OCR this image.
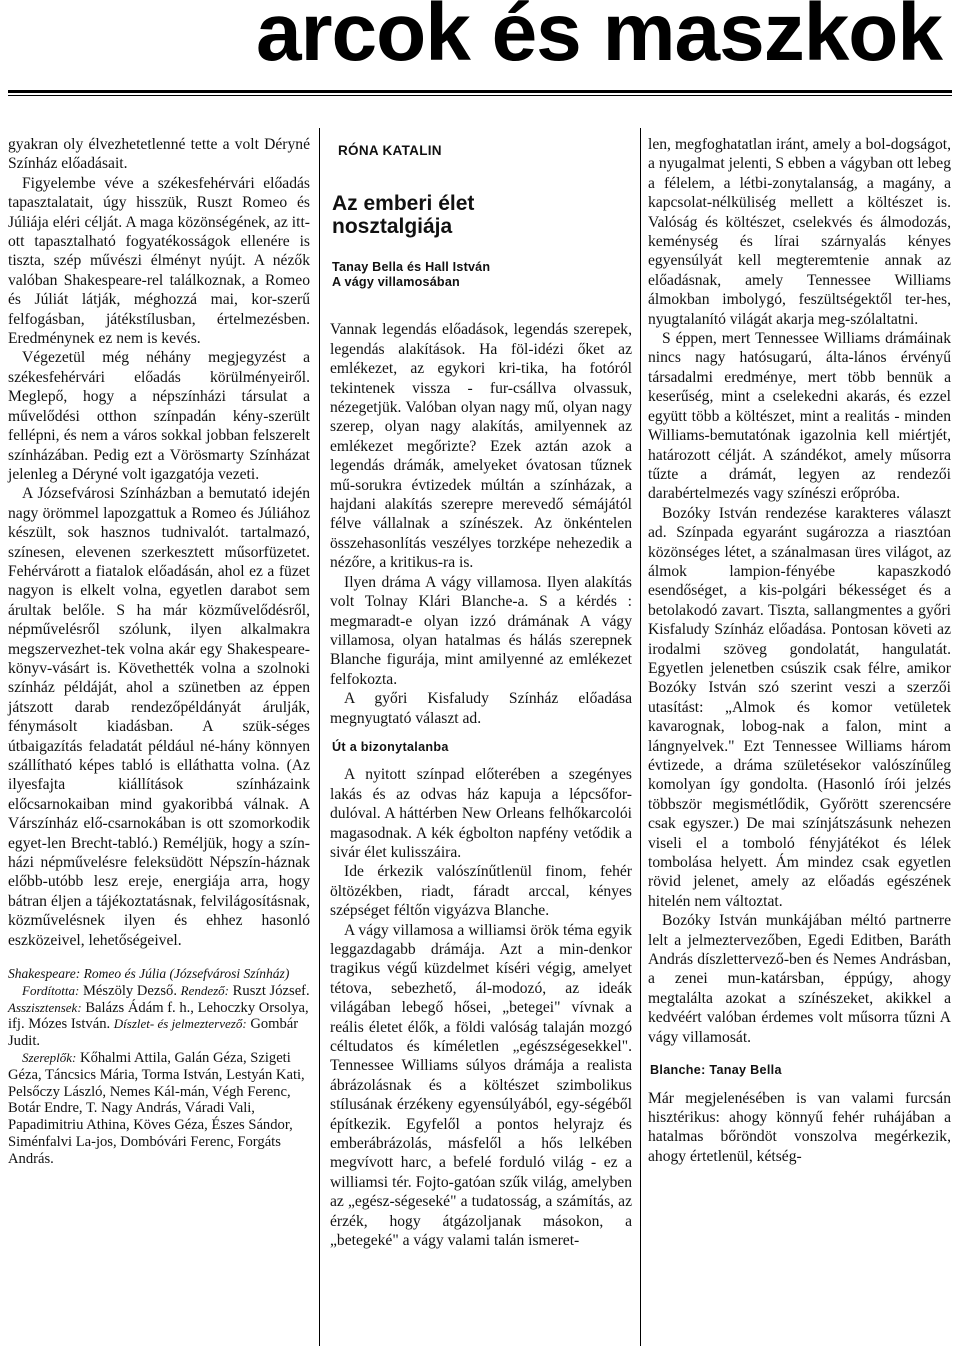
arcok és maszkok

gyakran oly élvezhetetlenné tette a volt Déryné Színház előadásait.

Figyelembe véve a székesfehérvári előadás tapasztalatait, úgy hisszük, Ruszt Romeo és Júliája eléri célját. A maga közönségének, az itt-ott tapasztalható fogyatékosságok ellenére is tiszta, szép művészi élményt nyújt. A nézők valóban Shakespeare-rel találkoznak, a Romeo és Júliát látják, méghozzá mai, kor-szerű felfogásban, játékstílusban, értelmezésben. Eredménynek ez nem is kevés.

Végezetül még néhány megjegyzést a székesfehérvári előadás körülményeiről. Meglepő, hogy a népszínházi társulat a művelődési otthon színpadán kény-szerült fellépni, és nem a város sokkal jobban felszerelt színházában. Pedig ezt a Vörösmarty Színházat jelenleg a Déryné volt igazgatója vezeti.

A Józsefvárosi Színházban a bemutató idején nagy örömmel lapozgattuk a Romeo és Júliához készült, sok hasznos tudnivalót. tartalmazó, színesen, elevenen szerkesztett műsorfüzetet. Fehérvárott a fiatalok előadásán, ahol ez a füzet nagyon is elkelt volna, egyetlen darabot sem árultak belőle. S ha már közművelődésről, népművelésről szólunk, ilyen alkalmakra megszervezhet-tek volna akár egy Shakespeare-könyv-vásárt is. Követhették volna a szolnoki színház példáját, ahol a szünetben az éppen játszott darab rendezőpéldányát árulják, fénymásolt kiadásban. A szük-séges útbaigazítás feladatát például né-hány könnyen szállítható képes tabló is elláthatta volna. (Az ilyesfajta kiállítások színházaink előcsarnokaiban mind gyakoribbá válnak. A Várszínház elő-csarnokában is ott szomorkodik egyet-len Brecht-tabló.) Reméljük, hogy a szín-házi népművelésre feleksüdött Népszín-háznak előbb-utóbb lesz ereje, energiája arra, hogy bátran éljen a tájékoztatásnak, felvilágosításnak, közművelésnek ilyen és ehhez hasonló eszközeivel, lehetőségeivel.

Shakespeare: Romeo és Júlia (Józsefvárosi Színház)
Fordította: Mészöly Dezső. Rendező: Ruszt József. Asszisztensek: Balázs Ádám f. h., Lehoczky Orsolya, ifj. Mózes István. Díszlet- és jelmeztervező: Gombár Judit.
Szereplők: Kőhalmi Attila, Galán Géza, Szigeti Géza, Táncsics Mária, Torma István, Lestyán Kati, Pelsőczy László, Nemes Kál-mán, Végh Ferenc, Botár Endre, T. Nagy András, Váradi Vali, Papadimitriu Athina, Köves Géza, Észes Sándor, Siménfalvi La-jos, Dombóvári Ferenc, Forgáts András.

RÓNA KATALIN

Az emberi élet
nosztalgiája

Tanay Bella és Hall István
A vágy villamosában

Vannak legendás előadások, legendás szerepek, legendás alakítások. Ha föl-idézi őket az emlékezet, az egykori kri-tika, ha fotóról tekintenek vissza - fur-csállva olvassuk, nézegetjük. Valóban olyan nagy mű, olyan nagy szerep, olyan nagy alakítás, amilyennek az emlékezet megőrizte? Ezek aztán azok a legendás drámák, amelyeket óvatosan tűznek mű-sorukra évtizedek múltán a színházak, a hajdani alakítás szerepre merevedő sémájától félve vállalnak a színészek. Az önkéntelen összehasonlítás veszélyes torzképe nehezedik a nézőre, a kritikus-ra is.

Ilyen dráma A vágy villamosa. Ilyen alakítás volt Tolnay Klári Blanche-a. S a kérdés : megmaradt-e olyan izzó drámának A vágy villamosa, olyan hatalmas és hálás szerepnek Blanche figurája, mint amilyenné az emlékezet felfokozta.

A győri Kisfaludy Színház előadása megnyugtató választ ad.

Út a bizonytalanba

A nyitott színpad előterében a szegényes lakás és az odvas ház kapuja a lépcsőfor-dulóval. A háttérben New Orleans felhőkarcolói magasodnak. A kék égbolton napfény vetődik a sivár élet kulisszáira.

Ide érkezik valószínűtlenül finom, fehér öltözékben, riadt, fáradt arccal, kényes szépséget féltőn vigyázva Blanche.

A vágy villamosa a williamsi örök téma egyik leggazdagabb drámája. Azt a min-denkor tragikus végű küzdelmet kíséri végig, amelyet tétova, sebezhető, ál-modozó, az ideák világában lebegő hősei, „betegei" vívnak a reális életet élők, a földi valóság talaján mozgó céltudatos és kíméletlen „egészségesekkel". Tennessee Williams súlyos drámája a realista ábrázolásnak és a költészet szimbolikus stílusának érzékeny egyensúlyából, egy-ségéből építkezik. Egyfelől a pontos helyrajz és emberábrázolás, másfelől a hős lelkében megvívott harc, a befelé forduló világ - ez a williamsi tér. Fojto-gatóan szűk világ, amelyben az „egész-ségeseké" a tudatosság, a számítás, az érzék, hogy átgázoljanak másokon, a „betegeké" a vágy valami talán ismeret-

len, megfoghatatlan iránt, amely a bol-dogságot, a nyugalmat jelenti, S ebben a vágyban ott lebeg a félelem, a létbi-zonytalanság, a magány, a kapcsolat-nélküliség mellett a költészet is. Valóság és költészet, cselekvés és álmodozás, keménység és lírai szárnyalás kényes egyensúlyát kell megteremtenie annak az előadásnak, amely Tennessee Williams álmokban imbolygó, feszültségektől ter-hes, nyugtalanító világát akarja meg-szólaltatni.

S éppen, mert Tennessee Williams drámáinak nincs nagy hatósugarú, álta-lános érvényű társadalmi eredménye, mert több bennük a keserűség, mint a cselekedni akarás, és ezzel együtt több a költészet, mint a realitás - minden Williams-bemutatónak igazolnia kell miértjét, határozott célját. A szándékot, amely műsorra tűzte a drámát, legyen az rendezői darabértelmezés vagy színészi erőpróba.

Bozóky István rendezése karakteres választ ad. Színpada egyaránt sugározza a riasztóan közönséges létet, a szánalmasan üres világot, az álmok lampion-fényébe kapaszkodó esendőséget, a kis-polgári békességet és a betolakodó zavart. Tiszta, sallangmentes a győri Kisfaludy Színház előadása. Pontosan követi az irodalmi szöveg gondolatát, hangulatát. Egyetlen jelenetben csúszik csak félre, amikor Bozóky István szó szerint veszi a szerzői utasítást: „Almok és komor vetületek kavarognak, lobog-nak a falon, mint a lángnyelvek." Ezt Tennessee Williams három évtizede, a dráma születésekor valószínűleg komolyan így gondolta. (Hasonló írói jelzés többször megismétlődik, Győrött szerencsére csak egyszer.) De mai színjátszásunk nehezen viseli el a tomboló fényjátékot és lélek tombolása helyett. Ám mindez csak egyetlen rövid jelenet, amely az előadás egészének hitelén nem változtat.

Bozóky István munkájában méltó partnerre lelt a jelmeztervezőben, Egedi Editben, Baráth András díszlettervező-ben és Nemes Andrásban, a zenei mun-katársban, éppúgy, ahogy megtalálta azokat a színészeket, akikkel a kedvéért valóban érdemes volt műsorra tűzni A vágy villamosát.

Blanche: Tanay Bella

Már megjelenésében is van valami furcsán hisztérikus: ahogy könnyű fehér ruhájában a hatalmas bőröndöt vonszolva megérkezik, ahogy értetlenül, kétség-
